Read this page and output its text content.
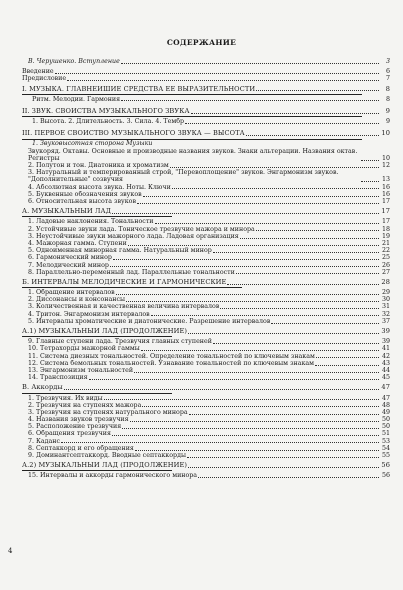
СОДЕРЖАНИЕ
В. Черушенко. Вступление	3
Введение	6
Предисловие	7
I. МУЗЫКА. ГЛАВНЕЙШИЕ СРЕДСТВА ЕЕ ВЫРАЗИТЕЛЬНОСТИ	8
Ритм. Мелодии. Гармония	8
II. ЗВУК. СВОЙСТВА МУЗЫКАЛЬНОГО ЗВУКА	9
1. Высота. 2. Длительность. 3. Сила. 4. Тембр	9
III. ПЕРВОЕ СВОЙСТВО МУЗЫКАЛЬНОГО ЗВУКА — ВЫСОТА	10
1. Звуковысотная сторона Музыки
Звукоряд. Октавы. Основные и производные названия звуков. Знаки альтерации. Названия октав. Регистры	10
2. Полутон и тон. Диатоника и хроматизм	12
3. Натуральный и темперированный строй, "Перевоплощение" звуков. Энгармонизм звуков. "Дополнительные" созвучия	13
4. Абсолютная высота звука. Ноты. Ключи	16
5. Буквенные обозначения звуков	16
6. Относительная высота звуков	17
А. МУЗЫКАЛЬНЫЙ ЛАД	17
1. Ладовые наклонения. Тональности	17
2. Устойчивые звуки лада. Тоническое трезвучие мажора и минора	18
3. Неустойчивые звуки мажорного лада. Ладовая организация	19
4. Мажорная гамма. Ступени	21
5. Одноименная минорная гамма. Натуральный минор	22
6. Гармонический минор	25
7. Мелодический минор	26
8. Параллельно-переменный лад. Параллельные тональности	27
Б. ИНТЕРВАЛЫ МЕЛОДИЧЕСКИЕ И ГАРМОНИЧЕСКИЕ	28
1. Обращение интервалов	29
2. Диссонансы и консонансы	30
3. Количественная и качественная величина интервалов	31
4. Тритон. Энгармонизм интервалов	32
5. Интервалы хроматические и диатонические. Разрешение интервалов	37
А.1) МУЗЫКАЛЬНЫЙ ЛАД (ПРОДОЛЖЕНИЕ)	39
9. Главные ступени лада. Трезвучия главных ступеней	39
10. Тетрахорды мажорной гаммы	41
11. Система диезных тональностей. Определение тональностей по ключевым знакам	42
12. Система бемольных тональностей. Узнавание тональностей по ключевым знакам	43
13. Энгармонизм тональностей	44
14. Транспозиция	45
В. Аккорды	47
1. Трезвучия. Их виды	47
2. Трезвучия на ступенях мажора	48
3. Трезвучия на ступенях натурального минора	49
4. Названия звуков трезвучия	50
5. Расположение трезвучия	50
6. Обращения трезвучия	51
7. Каданс	53
8. Септаккорд и его обращения	54
9. Доминантсептаккорд. Вводные септаккорды	55
А.2) МУЗЫКАЛЬНЫЙ ЛАД (ПРОДОЛЖЕНИЕ)	56
15. Интервалы и аккорды гармонического минора	56
4
